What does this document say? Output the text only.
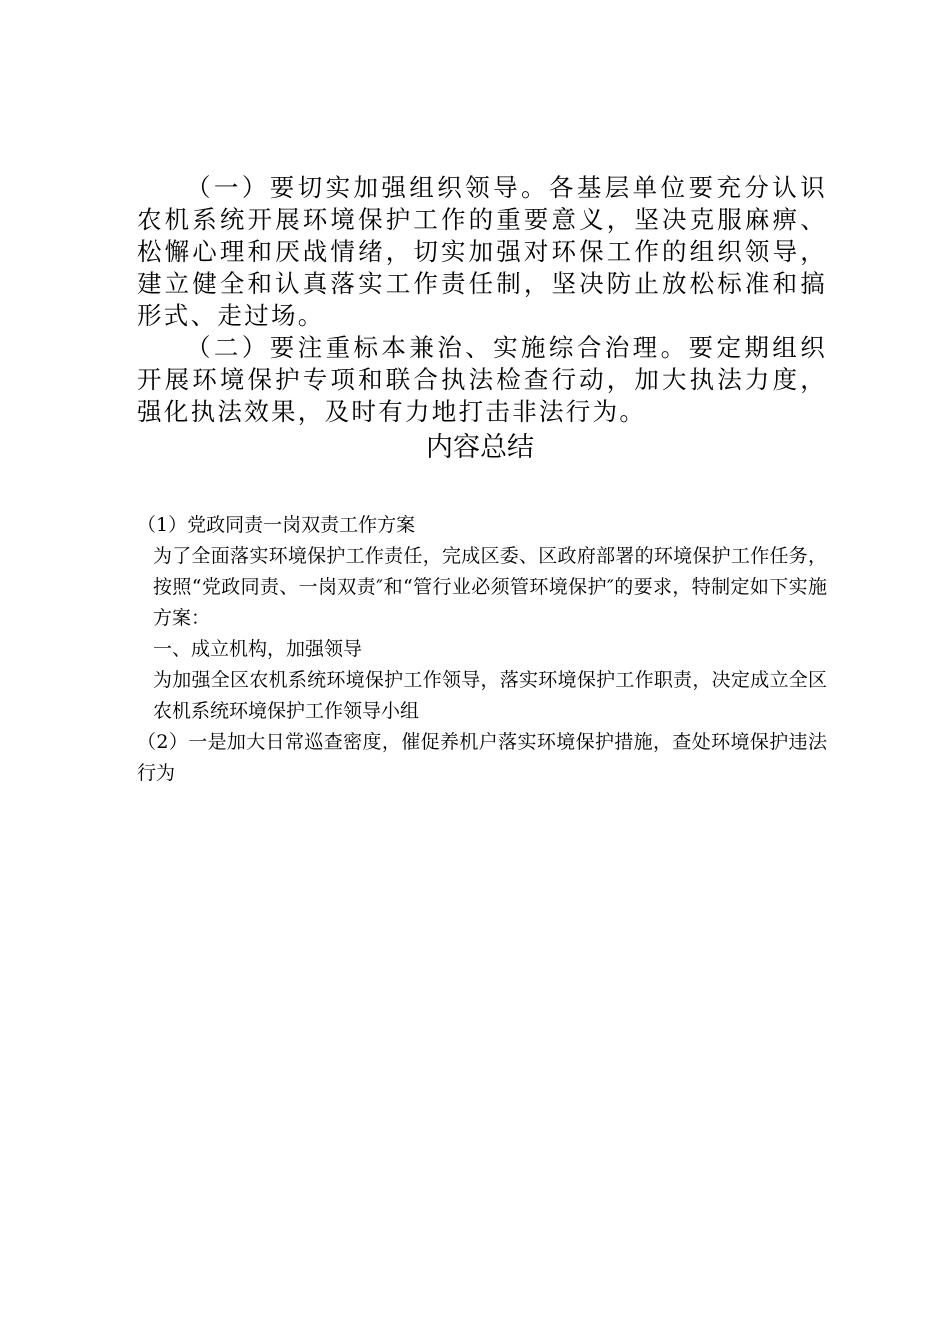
（一）要切实加强组织领导。各基层单位要充分认识农机系统开展环境保护工作的重要意义，坚决克服麻痹、松懈心理和厌战情绪，切实加强对环保工作的组织领导，建立健全和认真落实工作责任制，坚决防止放松标准和搞形式、走过场。

（二）要注重标本兼治、实施综合治理。要定期组织开展环境保护专项和联合执法检查行动，加大执法力度，强化执法效果，及时有力地打击非法行为。

内容总结

（1）党政同责一岗双责工作方案

为了全面落实环境保护工作责任，完成区委、区政府部署的环境保护工作任务，按照“党政同责、一岗双责″和“管行业必须管环境保护″的要求，特制定如下实施方案：

一、成立机构，加强领导

为加强全区农机系统环境保护工作领导，落实环境保护工作职责，决定成立全区农机系统环境保护工作领导小组

（2）一是加大日常巡查密度，催促养机户落实环境保护措施，查处环境保护违法行为
